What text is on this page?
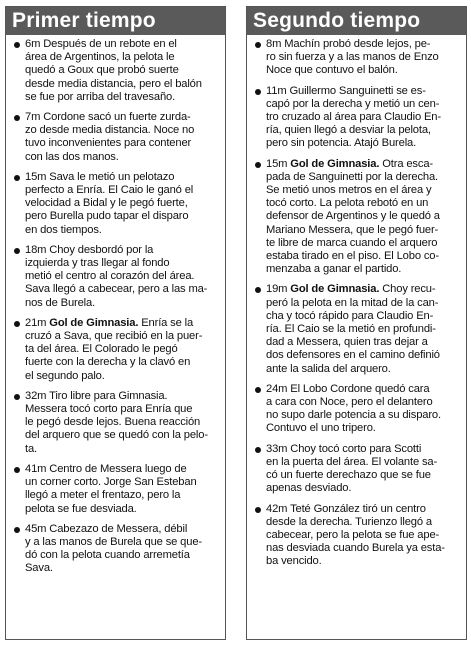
Primer tiempo
6m Después de un rebote en el
área de Argentinos, la pelota le
quedó a Goux que probó suerte
desde media distancia, pero el balón
se fue por arriba del travesaño.
7m Cordone sacó un fuerte zurda-
zo desde media distancia. Noce no
tuvo inconvenientes para contener
con las dos manos.
15m Sava le metió un pelotazo
perfecto a Enría. El Caio le ganó el
velocidad a Bidal y le pegó fuerte,
pero Burella pudo tapar el disparo
en dos tiempos.
18m Choy desbordó por la
izquierda y tras llegar al fondo
metió el centro al corazón del área.
Sava llegó a cabecear, pero a las ma-
nos de Burela.
21m Gol de Gimnasia. Enría se la
cruzó a Sava, que recibió en la puer-
ta del área. El Colorado le pegó
fuerte con la derecha y la clavó en
el segundo palo.
32m Tiro libre para Gimnasia.
Messera tocó corto para Enría que
le pegó desde lejos. Buena reacción
del arquero que se quedó con la pelo-
ta.
41m Centro de Messera luego de
un corner corto. Jorge San Esteban
llegó a meter el frentazo, pero la
pelota se fue desviada.
45m Cabezazo de Messera, débil
y a las manos de Burela que se que-
dó con la pelota cuando arremetía
Sava.
Segundo tiempo
8m Machín probó desde lejos, pe-
ro sin fuerza y a las manos de Enzo
Noce que contuvo el balón.
11m Guillermo Sanguinetti se es-
capó por la derecha y metió un cen-
tro cruzado al área para Claudio En-
ría, quien llegó a desviar la pelota,
pero sin potencia. Atajó Burela.
15m Gol de Gimnasia. Otra esca-
pada de Sanguinetti por la derecha.
Se metió unos metros en el área y
tocó corto. La pelota rebotó en un
defensor de Argentinos y le quedó a
Mariano Messera, que le pegó fuer-
te libre de marca cuando el arquero
estaba tirado en el piso. El Lobo co-
menzaba a ganar el partido.
19m Gol de Gimnasia. Choy recu-
peró la pelota en la mitad de la can-
cha y tocó rápido para Claudio En-
ría. El Caio se la metió en profundi-
dad a Messera, quien tras dejar a
dos defensores en el camino definió
ante la salida del arquero.
24m El Lobo Cordone quedó cara
a cara con Noce, pero el delantero
no supo darle potencia a su disparo.
Contuvo el uno tripero.
33m Choy tocó corto para Scotti
en la puerta del área. El volante sa-
có un fuerte derechazo que se fue
apenas desviado.
42m Teté González tiró un centro
desde la derecha. Turienzo llegó a
cabecear, pero la pelota se fue ape-
nas desviada cuando Burela ya esta-
ba vencido.
